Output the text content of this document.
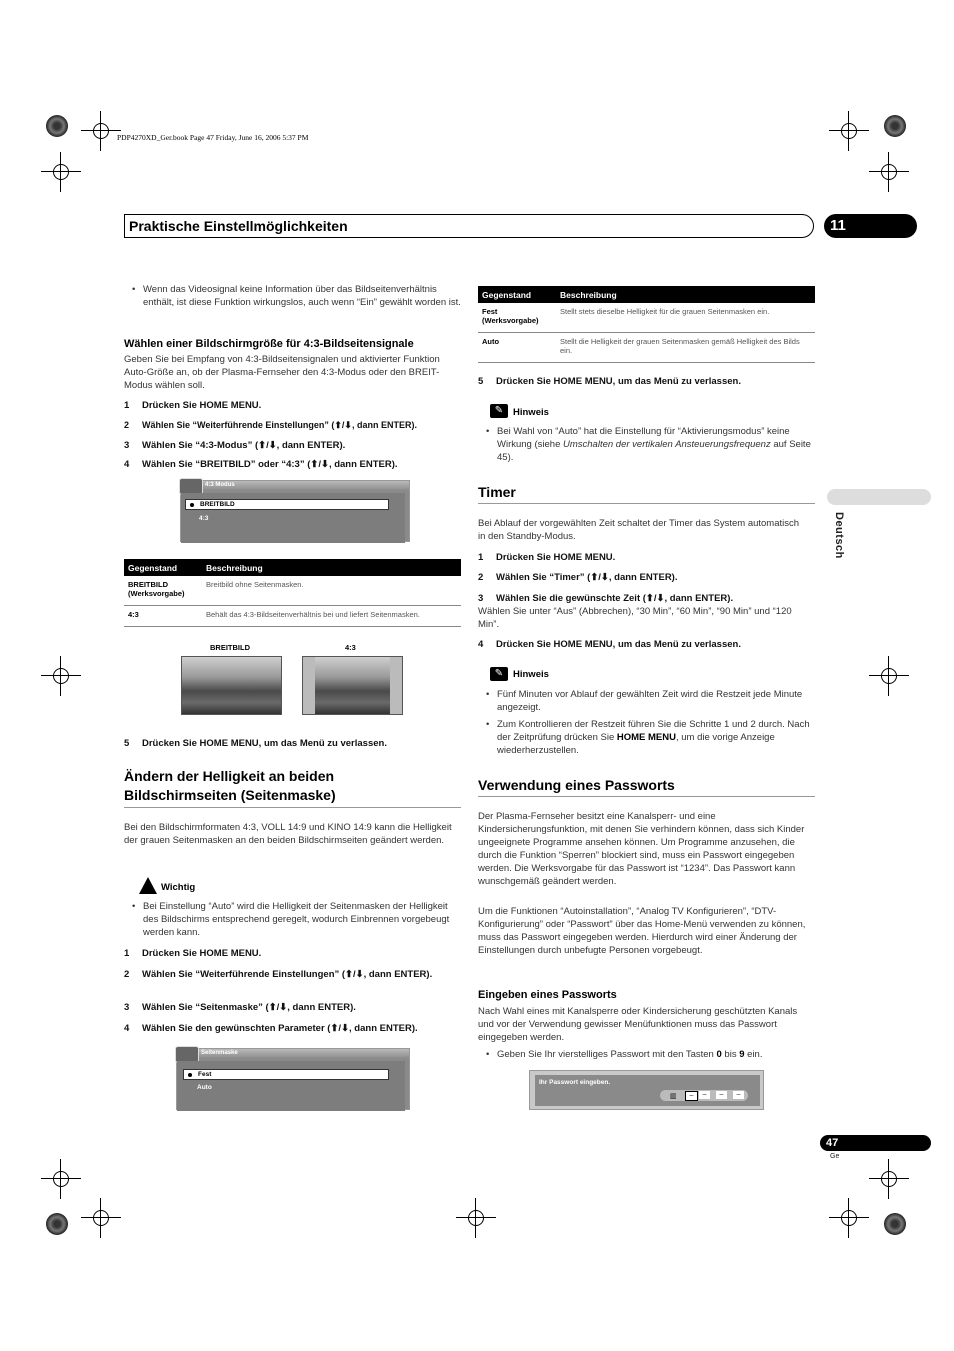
PDP4270XD_Ger.book Page 47 Friday, June 16, 2006 5:37 PM
Praktische Einstellmöglichkeiten	11
Deutsch

• Wenn das Videosignal keine Information über das Bildseitenverhältnis enthält, ist diese Funktion wirkungslos, auch wenn “Ein” gewählt worden ist.

Wählen einer Bildschirmgröße für 4:3-Bildseitensignale

Geben Sie bei Empfang von 4:3-Bildseitensignalen und aktivierter Funktion Auto-Größe an, ob der Plasma-Fernseher den 4:3-Modus oder den BREIT-Modus wählen soll.

1 Drücken Sie HOME MENU.
2 Wählen Sie “Weiterführende Einstellungen” (⬆/⬇, dann ENTER).
3 Wählen Sie “4:3-Modus” (⬆/⬇, dann ENTER).
4 Wählen Sie “BREITBILD” oder “4:3” (⬆/⬇, dann ENTER).
4:3 Modus
BREITBILD
4:3
Gegenstand	Beschreibung
BREITBILD (Werksvorgabe)	Breitbild ohne Seitenmasken.
4:3	Behält das 4:3-Bildseitenverhältnis bei und liefert Seitenmasken.
BREITBILD	4:3
5 Drücken Sie HOME MENU, um das Menü zu verlassen.
Ändern der Helligkeit an beiden Bildschirmseiten (Seitenmaske)

Bei den Bildschirmformaten 4:3, VOLL 14:9 und KINO 14:9 kann die Helligkeit der grauen Seitenmasken an den beiden Bildschirmseiten geändert werden.

Wichtig

• Bei Einstellung “Auto” wird die Helligkeit der Seitenmasken der Helligkeit des Bildschirms entsprechend geregelt, wodurch Einbrennen vorgebeugt werden kann.

1 Drücken Sie HOME MENU.
2 Wählen Sie “Weiterführende Einstellungen” (⬆/⬇, dann ENTER).
3 Wählen Sie “Seitenmaske” (⬆/⬇, dann ENTER).
4 Wählen Sie den gewünschten Parameter (⬆/⬇, dann ENTER).
Seitenmaske
Fest
Auto
Gegenstand	Beschreibung
Fest (Werksvorgabe)	Stellt stets dieselbe Helligkeit für die grauen Seitenmasken ein.
Auto	Stellt die Helligkeit der grauen Seitenmasken gemäß Helligkeit des Bilds ein.
5 Drücken Sie HOME MENU, um das Menü zu verlassen.
✎	Hinweis

• Bei Wahl von “Auto” hat die Einstellung für “Aktivierungsmodus” keine Wirkung (siehe Umschalten der vertikalen Ansteuerungsfrequenz auf Seite 45).

Timer

Bei Ablauf der vorgewählten Zeit schaltet der Timer das System automatisch in den Standby-Modus.

1 Drücken Sie HOME MENU.
2 Wählen Sie “Timer” (⬆/⬇, dann ENTER).
3 Wählen Sie die gewünschte Zeit (⬆/⬇, dann ENTER).

Wählen Sie unter “Aus” (Abbrechen), “30 Min”, “60 Min”, “90 Min” und “120 Min”.

4 Drücken Sie HOME MENU, um das Menü zu verlassen.
✎	Hinweis

• Fünf Minuten vor Ablauf der gewählten Zeit wird die Restzeit jede Minute angezeigt.

• Zum Kontrollieren der Restzeit führen Sie die Schritte 1 und 2 durch. Nach der Zeitprüfung drücken Sie HOME MENU, um die vorige Anzeige wiederherzustellen.

Verwendung eines Passworts

Der Plasma-Fernseher besitzt eine Kanalsperr- und eine Kindersicherungsfunktion, mit denen Sie verhindern können, dass sich Kinder ungeeignete Programme ansehen können. Um Programme anzusehen, die durch die Funktion “Sperren” blockiert sind, muss ein Passwort eingegeben werden. Die Werksvorgabe für das Passwort ist “1234”. Das Passwort kann wunschgemäß geändert werden.

Um die Funktionen “Autoinstallation”, “Analog TV Konfigurieren”, “DTV-Konfigurierung” oder “Passwort” über das Home-Menü verwenden zu können, muss das Passwort eingegeben werden. Hierdurch wird einer Änderung der Einstellungen durch unbefugte Personen vorgebeugt.

Eingeben eines Passworts

Nach Wahl eines mit Kanalsperre oder Kindersicherung geschützten Kanals und vor der Verwendung gewisser Menüfunktionen muss das Passwort eingegeben werden.

• Geben Sie Ihr vierstelliges Passwort mit den Tasten 0 bis 9 ein.

Ihr Passwort eingeben.
▥	–	–	–	–
47
Ge
